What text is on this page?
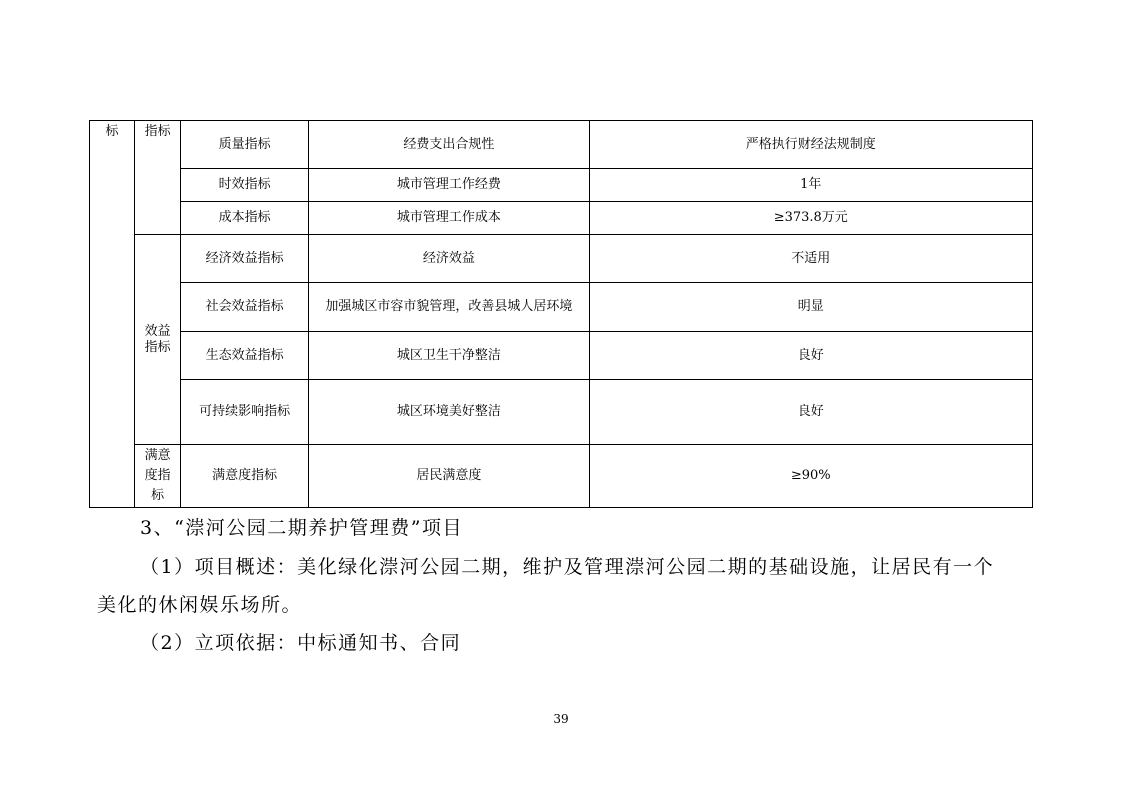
标	指标	质量指标	经费支出合规性	严格执行财经法规制度
		时效指标	城市管理工作经费	1年
		成本指标	城市管理工作成本	≥373.8万元
	效益指标	经济效益指标	经济效益	不适用
		社会效益指标	加强城区市容市貌管理，改善县城人居环境	明显
		生态效益指标	城区卫生干净整洁	良好
		可持续影响指标	城区环境美好整洁	良好
	满意度指标	满意度指标	居民满意度	≥90%

3、“漴河公园二期养护管理费”项目

（1）项目概述：美化绿化漴河公园二期，维护及管理漴河公园二期的基础设施，让居民有一个

美化的休闲娱乐场所。

（2）立项依据：中标通知书、合同

39
